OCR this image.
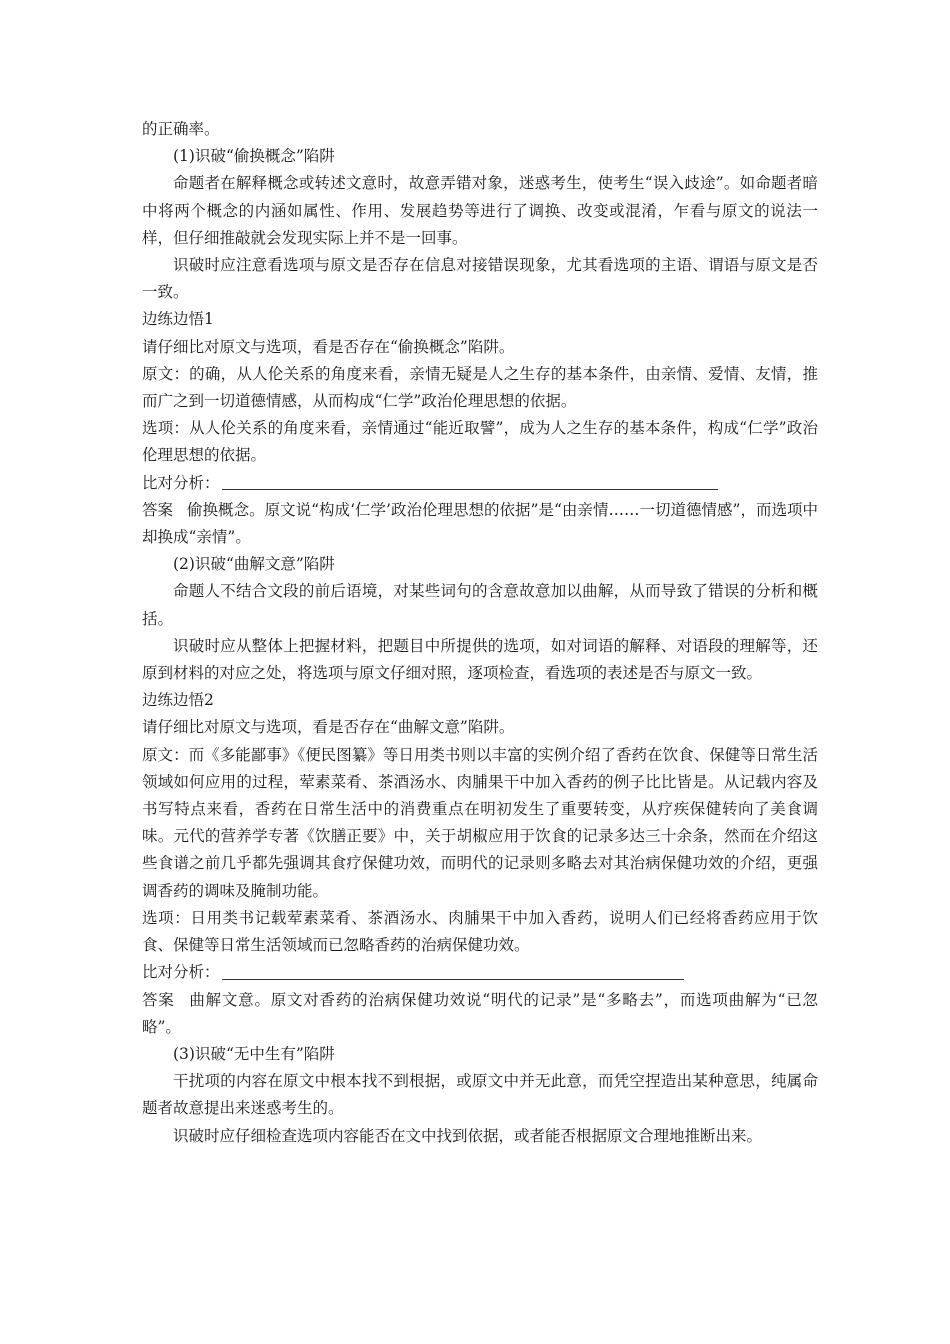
的正确率。
(1)识破“偷换概念”陷阱
命题者在解释概念或转述文意时，故意弄错对象，迷惑考生，使考生“误入歧途”。如命题者暗中将两个概念的内涵如属性、作用、发展趋势等进行了调换、改变或混淆，乍看与原文的说法一样，但仔细推敲就会发现实际上并不是一回事。
识破时应注意看选项与原文是否存在信息对接错误现象，尤其看选项的主语、谓语与原文是否一致。
边练边悟1
请仔细比对原文与选项，看是否存在“偷换概念”陷阱。
原文：的确，从人伦关系的角度来看，亲情无疑是人之生存的基本条件，由亲情、爱情、友情，推而广之到一切道德情感，从而构成“仁学”政治伦理思想的依据。
选项：从人伦关系的角度来看，亲情通过“能近取譬”，成为人之生存的基本条件，构成“仁学”政治伦理思想的依据。
比对分析：
答案 偷换概念。原文说“构成‘仁学’政治伦理思想的依据”是“由亲情……一切道德情感”，而选项中却换成“亲情”。
(2)识破“曲解文意”陷阱
命题人不结合文段的前后语境，对某些词句的含意故意加以曲解，从而导致了错误的分析和概括。
识破时应从整体上把握材料，把题目中所提供的选项，如对词语的解释、对语段的理解等，还原到材料的对应之处，将选项与原文仔细对照，逐项检查，看选项的表述是否与原文一致。
边练边悟2
请仔细比对原文与选项，看是否存在“曲解文意”陷阱。
原文：而《多能鄙事》《便民图纂》等日用类书则以丰富的实例介绍了香药在饮食、保健等日常生活领域如何应用的过程，荤素菜肴、茶酒汤水、肉脯果干中加入香药的例子比比皆是。从记载内容及书写特点来看，香药在日常生活中的消费重点在明初发生了重要转变，从疗疾保健转向了美食调味。元代的营养学专著《饮膳正要》中，关于胡椒应用于饮食的记录多达三十余条，然而在介绍这些食谱之前几乎都先强调其食疗保健功效，而明代的记录则多略去对其治病保健功效的介绍，更强调香药的调味及腌制功能。
选项：日用类书记载荤素菜肴、茶酒汤水、肉脯果干中加入香药，说明人们已经将香药应用于饮食、保健等日常生活领域而已忽略香药的治病保健功效。
比对分析：
答案 曲解文意。原文对香药的治病保健功效说“明代的记录”是“多略去”，而选项曲解为“已忽略”。
(3)识破“无中生有”陷阱
干扰项的内容在原文中根本找不到根据，或原文中并无此意，而凭空捏造出某种意思，纯属命题者故意提出来迷惑考生的。
识破时应仔细检查选项内容能否在文中找到依据，或者能否根据原文合理地推断出来。
